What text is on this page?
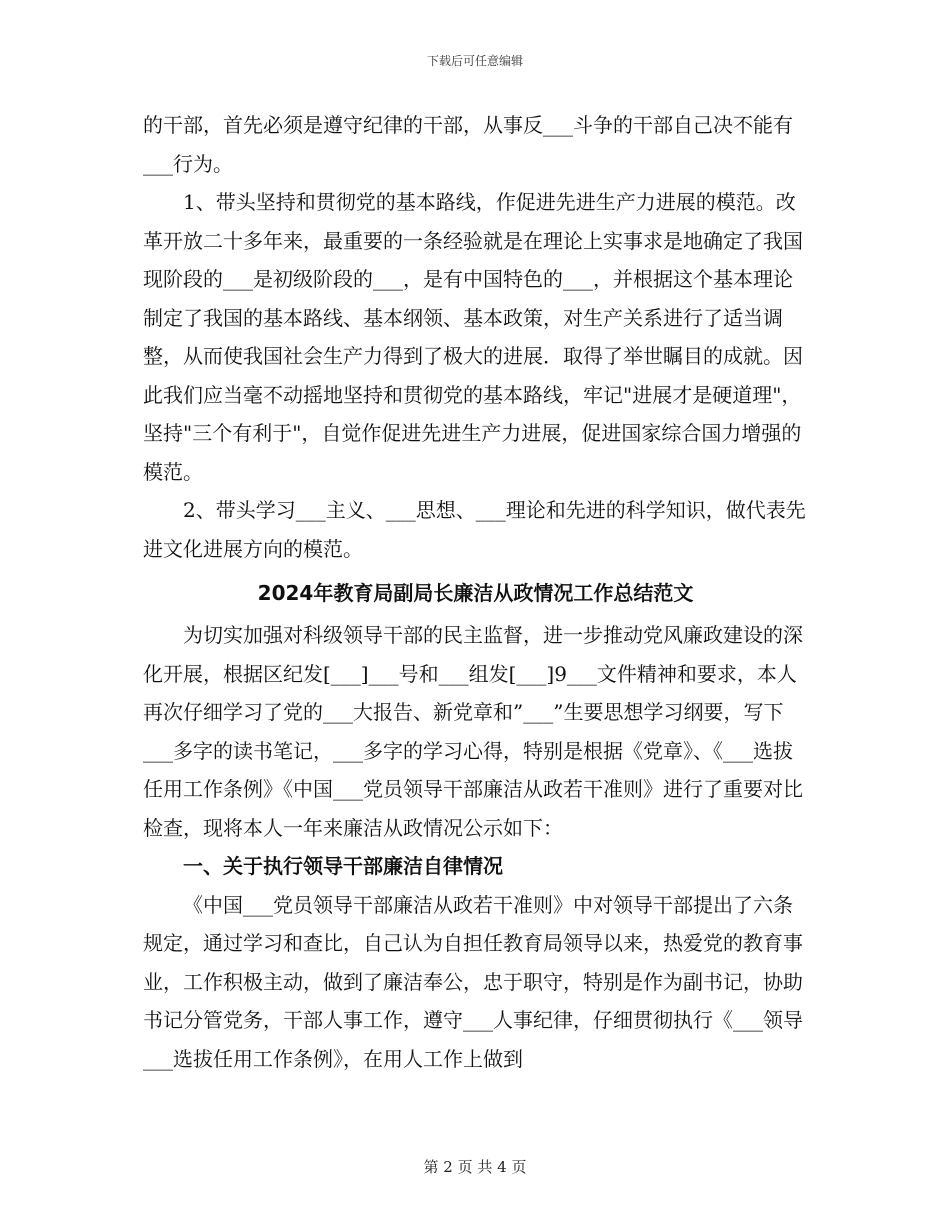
下载后可任意编辑

的干部，首先必须是遵守纪律的干部，从事反___斗争的干部自己决不能有___行为。

1、带头坚持和贯彻党的基本路线，作促进先进生产力进展的模范。改革开放二十多年来，最重要的一条经验就是在理论上实事求是地确定了我国现阶段的___是初级阶段的___，是有中国特色的___，并根据这个基本理论制定了我国的基本路线、基本纲领、基本政策，对生产关系进行了适当调整，从而使我国社会生产力得到了极大的进展．取得了举世瞩目的成就。因此我们应当毫不动摇地坚持和贯彻党的基本路线，牢记"进展才是硬道理"，坚持"三个有利于"，自觉作促进先进生产力进展，促进国家综合国力增强的模范。

2、带头学习___主义、___思想、___理论和先进的科学知识，做代表先进文化进展方向的模范。

2024年教育局副局长廉洁从政情况工作总结范文

为切实加强对科级领导干部的民主监督，进一步推动党风廉政建设的深化开展，根据区纪发[___]___号和___组发[___]9___文件精神和要求，本人再次仔细学习了党的___大报告、新党章和”___”生要思想学习纲要，写下___多字的读书笔记，___多字的学习心得，特别是根据《党章》、《___选拔任用工作条例》《中国___党员领导干部廉洁从政若干准则》进行了重要对比检查，现将本人一年来廉洁从政情况公示如下：

一、关于执行领导干部廉洁自律情况

《中国___党员领导干部廉洁从政若干准则》中对领导干部提出了六条规定，通过学习和查比，自己认为自担任教育局领导以来，热爱党的教育事业，工作积极主动，做到了廉洁奉公，忠于职守，特别是作为副书记，协助书记分管党务，干部人事工作，遵守___人事纪律，仔细贯彻执行《___领导___选拔任用工作条例》，在用人工作上做到

第 2 页 共 4 页
